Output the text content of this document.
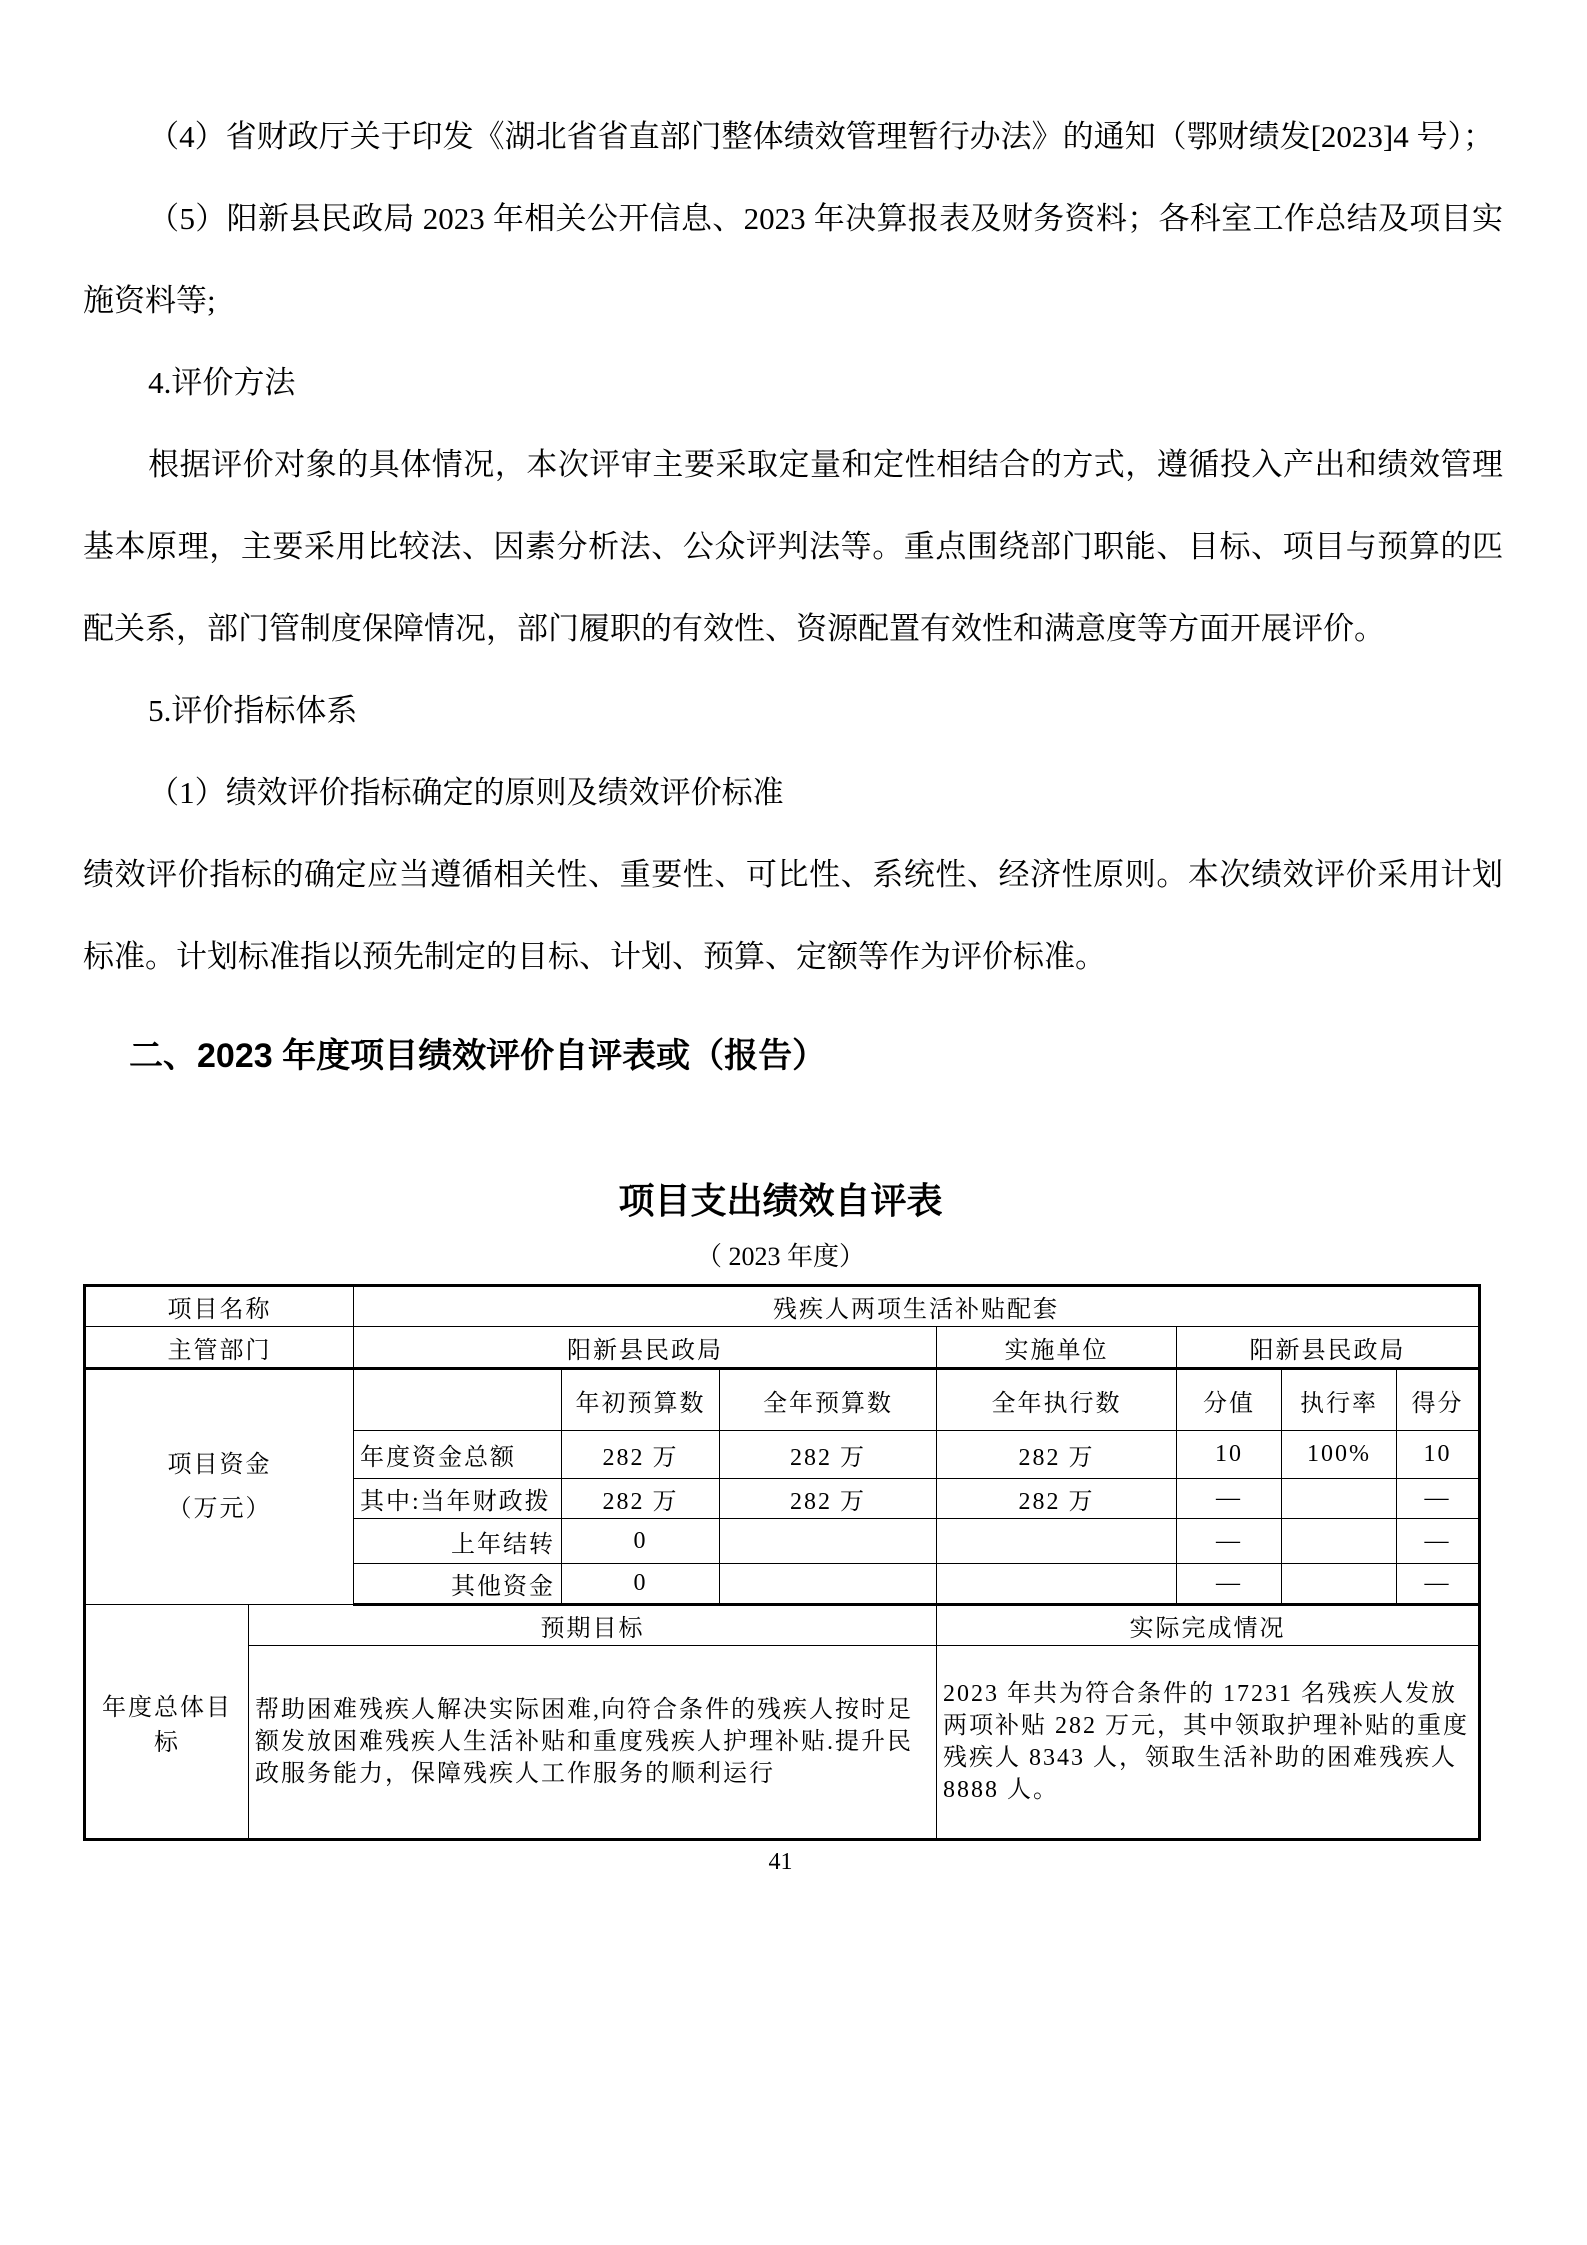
（4）省财政厅关于印发《湖北省省直部门整体绩效管理暂行办法》的通知（鄂财绩发[2023]4 号）；

（5）阳新县民政局 2023 年相关公开信息、2023 年决算报表及财务资料；各科室工作总结及项目实施资料等;

4.评价方法

根据评价对象的具体情况，本次评审主要采取定量和定性相结合的方式，遵循投入产出和绩效管理基本原理，主要采用比较法、因素分析法、公众评判法等。重点围绕部门职能、目标、项目与预算的匹配关系，部门管制度保障情况，部门履职的有效性、资源配置有效性和满意度等方面开展评价。

5.评价指标体系

（1）绩效评价指标确定的原则及绩效评价标准

绩效评价指标的确定应当遵循相关性、重要性、可比性、系统性、经济性原则。本次绩效评价采用计划标准。计划标准指以预先制定的目标、计划、预算、定额等作为评价标准。

二、2023 年度项目绩效评价自评表或（报告）
项目支出绩效自评表
（ 2023 年度）
项目名称		残疾人两项生活补贴配套						
主管部门		阳新县民政局			实施单位	阳新县民政局		

项目资金（万元）			年初预算数	全年预算数	全年执行数	分值	执行率	得分
		年度资金总额	282 万	282 万	282 万	10	100%	10
		其中:当年财政拨	282 万	282 万	282 万	—		—
		上年结转	0			—		—
		其他资金	0			—		—
年度总体目标	预期目标				实际完成情况			
	帮助困难残疾人解决实际困难,向符合条件的残疾人按时足额发放困难残疾人生活补贴和重度残疾人护理补贴.提升民政服务能力，保障残疾人工作服务的顺利运行				2023 年共为符合条件的 17231 名残疾人发放两项补贴 282 万元，其中领取护理补贴的重度残疾人 8343 人，领取生活补助的困难残疾人 8888 人。			
41
